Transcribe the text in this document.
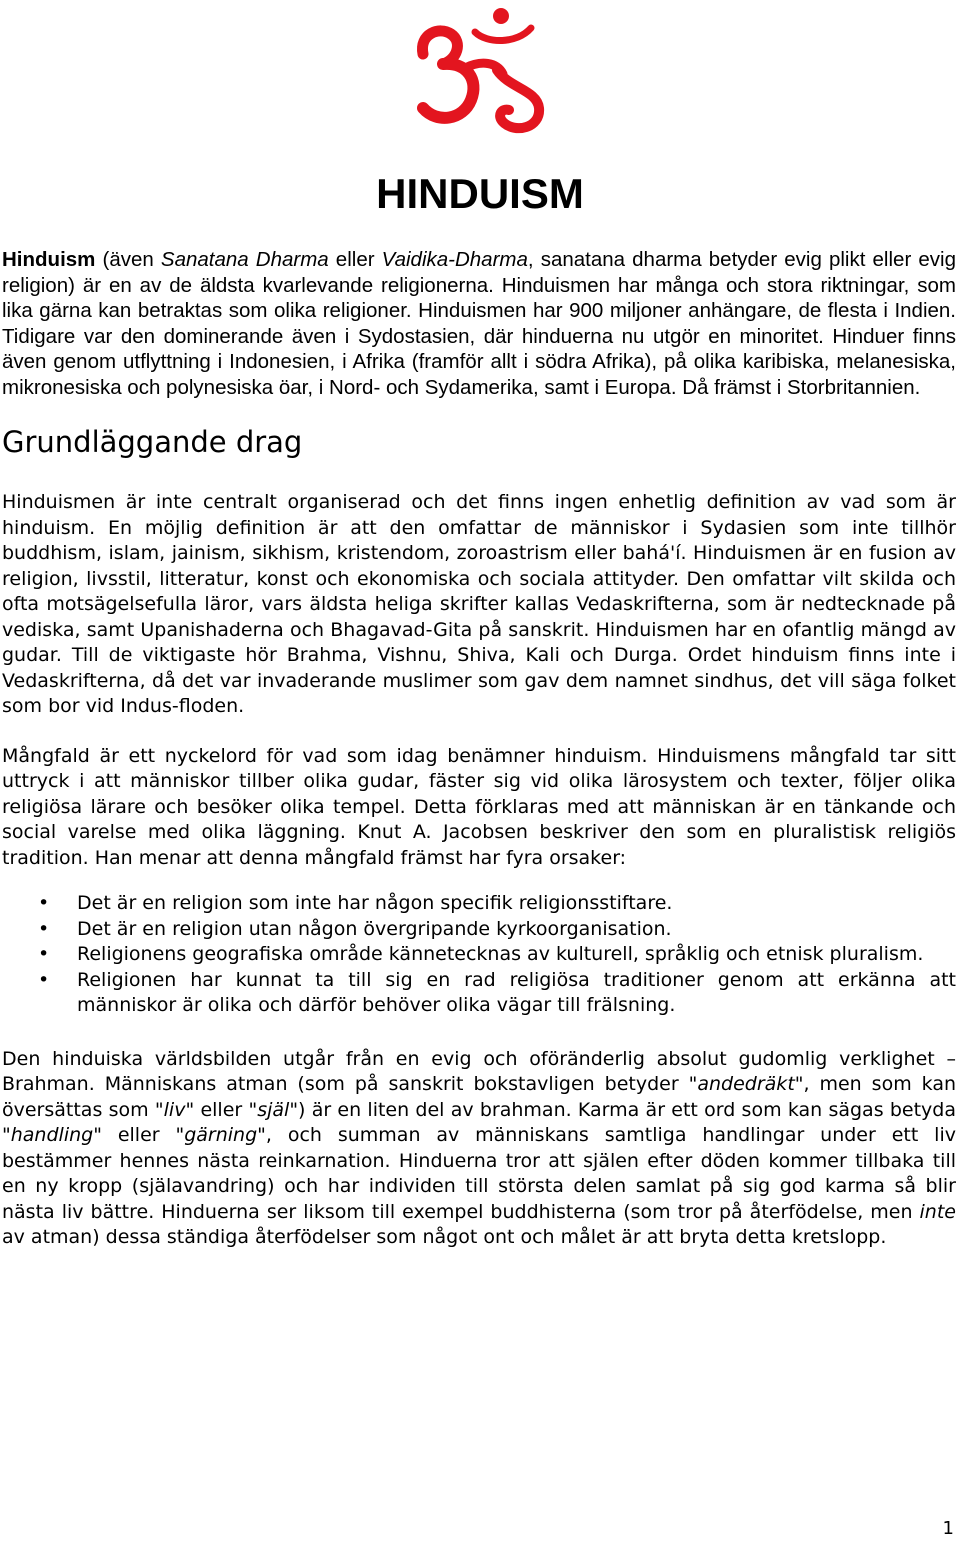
HINDUISM

Hinduism (även Sanatana Dharma eller Vaidika-Dharma, sanatana dharma betyder evig plikt eller evig religion) är en av de äldsta kvarlevande religionerna. Hinduismen har många och stora riktningar, som lika gärna kan betraktas som olika religioner. Hinduismen har 900 miljoner anhängare, de flesta i Indien. Tidigare var den dominerande även i Sydostasien, där hinduerna nu utgör en minoritet. Hinduer finns även genom utflyttning i Indonesien, i Afrika (framför allt i södra Afrika), på olika karibiska, melanesiska, mikronesiska och polynesiska öar, i Nord- och Sydamerika, samt i Europa. Då främst i Storbritannien.

Grundläggande drag

Hinduismen är inte centralt organiserad och det finns ingen enhetlig definition av vad som är hinduism. En möjlig definition är att den omfattar de människor i Sydasien som inte tillhör buddhism, islam, jainism, sikhism, kristendom, zoroastrism eller bahá'í. Hinduismen är en fusion av religion, livsstil, litteratur, konst och ekonomiska och sociala attityder. Den omfattar vilt skilda och ofta motsägelsefulla läror, vars äldsta heliga skrifter kallas Vedaskrifterna, som är nedtecknade på vediska, samt Upanishaderna och Bhagavad-Gita på sanskrit. Hinduismen har en ofantlig mängd av gudar. Till de viktigaste hör Brahma, Vishnu, Shiva, Kali och Durga. Ordet hinduism finns inte i Vedaskrifterna, då det var invaderande muslimer som gav dem namnet sindhus, det vill säga folket som bor vid Indus-floden.

Mångfald är ett nyckelord för vad som idag benämner hinduism. Hinduismens mångfald tar sitt uttryck i att människor tillber olika gudar, fäster sig vid olika lärosystem och texter, följer olika religiösa lärare och besöker olika tempel. Detta förklaras med att människan är en tänkande och social varelse med olika läggning. Knut A. Jacobsen beskriver den som en pluralistisk religiös tradition. Han menar att denna mångfald främst har fyra orsaker:

• Det är en religion som inte har någon specifik religionsstiftare.
• Det är en religion utan någon övergripande kyrkoorganisation.
• Religionens geografiska område kännetecknas av kulturell, språklig och etnisk pluralism.
• Religionen har kunnat ta till sig en rad religiösa traditioner genom att erkänna att människor är olika och därför behöver olika vägar till frälsning.

Den hinduiska världsbilden utgår från en evig och oföränderlig absolut gudomlig verklighet – Brahman. Människans atman (som på sanskrit bokstavligen betyder "andedräkt", men som kan översättas som "liv" eller "själ") är en liten del av brahman. Karma är ett ord som kan sägas betyda "handling" eller "gärning", och summan av människans samtliga handlingar under ett liv bestämmer hennes nästa reinkarnation. Hinduerna tror att själen efter döden kommer tillbaka till en ny kropp (själavandring) och har individen till största delen samlat på sig god karma så blir nästa liv bättre. Hinduerna ser liksom till exempel buddhisterna (som tror på återfödelse, men inte av atman) dessa ständiga återfödelser som något ont och målet är att bryta detta kretslopp.

1
